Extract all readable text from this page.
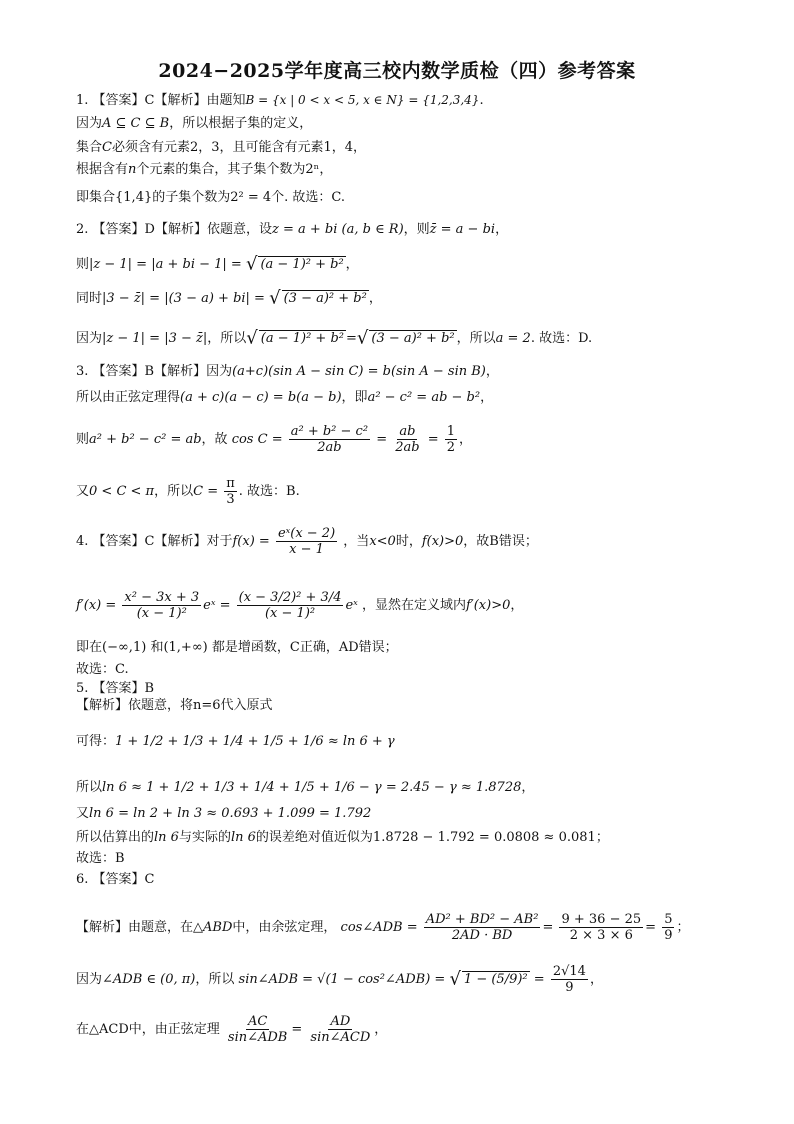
2024−2025学年度高三校内数学质检（四）参考答案
1. 【答案】C【解析】由题知B = {x | 0 < x < 5, x ∈ N} = {1,2,3,4}.
因为A ⊆ C ⊆ B，所以根据子集的定义，
集合C必须含有元素2，3，且可能含有元素1，4，
根据含有n个元素的集合，其子集个数为2ⁿ，
即集合{1,4}的子集个数为2² = 4个. 故选：C.
2. 【答案】D【解析】依题意，设z = a + bi (a, b ∈ R)，则z̄ = a − bi，
则|z − 1| = |a + bi − 1| = √ (a − 1)² + b² ，
同时|3 − z̄| = |(3 − a) + bi| = √ (3 − a)² + b² ，
因为|z − 1| = |3 − z̄|，所以√ (a − 1)² + b² =√ (3 − a)² + b² ，所以a = 2. 故选：D.
3. 【答案】B【解析】因为(a+c)(sin A − sin C) = b(sin A − sin B)，
所以由正弦定理得(a + c)(a − c) = b(a − b)，即a² − c² = ab − b²，
则a² + b² − c² = ab，故 $\cos C = \frac{\text{a² + b² − c²}}{2ab} = \frac{ab}{2ab} = \frac{1}{2}$ ，
又0 < C < π，所以$C = \frac{\pi}{3}$ . 故选：B.
4. 【答案】C【解析】对于$f(x) = \frac{\text{eˣ(x − 2)}}{x - 1}$ ，当x<0时，f(x)>0，故B错误；
$f'(x) = \frac{\text{x² − 3x + 3}}{\text{(x − 1)²}}$ eˣ = $\frac{\text{(x − 3/2)² + 3/4}}{\text{(x − 1)²}}$ eˣ ，显然在定义域内f′(x)>0，
即在(−∞,1) 和(1,+∞) 都是增函数，C正确，AD错误；
故选：C.
5. 【答案】B
【解析】依题意，将n=6代入原式
可得：1 + 1/2 + 1/3 + 1/4 + 1/5 + 1/6 ≈ ln 6 + γ
所以ln 6 ≈ 1 + 1/2 + 1/3 + 1/4 + 1/5 + 1/6 − γ = 2.45 − γ ≈ 1.8728，
又ln 6 = ln 2 + ln 3 ≈ 0.693 + 1.099 = 1.792
所以估算出的ln 6与实际的ln 6的误差绝对值近似为1.8728 − 1.792 = 0.0808 ≈ 0.081；
故选：B
6. 【答案】C
【解析】由题意，在△ABD中，由余弦定理， cos∠ADB = $\frac{\text{AD² + BD² − AB²}}{2AD \cdot BD} = \frac{9 + 36 - 25}{2 \times 3 \times 6} = \frac{5}{9}$ ；
因为∠ADB ∈ (0, π)，所以 sin∠ADB = √(1 − cos²∠ADB) = √ $1 - (5/9)^2 = \frac{2√14}{9}$ ，
在△ACD中，由正弦定理 $\frac{AC}{\text{sin∠ADB}} = \frac{AD}{\text{sin∠ACD}}$ ，
